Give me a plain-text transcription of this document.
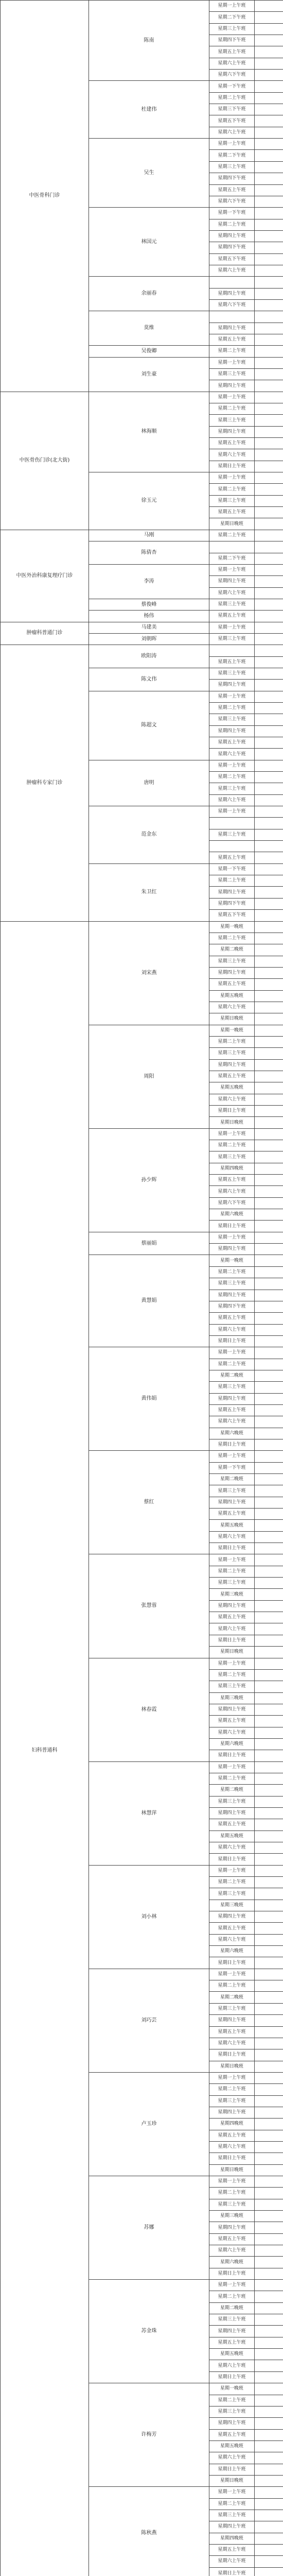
中医骨科门诊	陈南	星期一上午班	
		星期二下午班	
		星期三上午班	
		星期四下午班	
		星期五上午班	
		星期六上午班	
		星期六下午班	
	杜建伟	星期一下午班	
		星期二上午班	
		星期三下午班	
		星期五下午班	
		星期六上午班	
	吴生	星期一上午班	
		星期二下午班	
		星期三上午班	
		星期四下午班	
		星期五上午班	
		星期六下午班	
	林国元	星期一下午班	
		星期二上午班	
		星期四上午班	
		星期四下午班	
		星期五下午班	
		星期六上午班	
	余丽春		
		星期四上午班	
		星期六下午班	
	莫维		
		星期四上午班	
		星期五上午班	
	吴俊卿	星期二上午班	
	刘生豪	星期一上午班	
		星期三上午班	
		星期四上午班	
中医骨伤门诊(北大街)	林海顺	星期一上午班	
		星期二上午班	
		星期三上午班	
		星期四上午班	
		星期五上午班	
		星期六上午班	
		星期日上午班	
	徐玉元	星期一上午班	
		星期二上午班	
		星期三上午班	
		星期五上午班	
		星期日晚班	
中医外治科康复理疗门诊	马刚	星期二上午班	
	陈倩杏		
		星期二下午班	
	李涛	星期一上午班	
		星期四上午班	
		星期六上午班	
	蔡俊峰	星期三上午班	
	杨伟	星期五上午班	
肿瘤科普通门诊	马建美	星期一上午班	
	刘朝晖	星期三上午班	
肿瘤科专家门诊	欧阳涛		
		星期五上午班	
	陈文伟	星期三上午班	
		星期四上午班	
	陈超文	星期一上午班	
		星期二上午班	
		星期三上午班	
		星期四上午班	
		星期五上午班	
		星期六上午班	
	唐明	星期一上午班	
		星期二上午班	
		星期三上午班	
		星期六上午班	
	范金东	星期一上午班	

		星期三上午班	

		星期五上午班	
	朱卫红	星期一下午班	
		星期二上午班	
		星期四上午班	
		星期四下午班	
		星期五下午班	
妇科普通科	刘宋燕	星期一晚班	
		星期二上午班	
		星期二晚班	
		星期三上午班	
		星期四上午班	
		星期五上午班	
		星期五晚班	
		星期六上午班	
		星期日晚班	
	周阳	星期一晚班	
		星期二上午班	
		星期三上午班	
		星期四上午班	
		星期五上午班	
		星期五晚班	
		星期六上午班	
		星期日上午班	
		星期日晚班	
	孙少辉	星期一上午班	
		星期二上午班	
		星期三上午班	
		星期四晚班	
		星期五上午班	
		星期六上午班	
		星期六下午班	
		星期六晚班	
		星期日上午班	
	蔡丽娟	星期一上午班	
		星期四上午班	
	黄慧娟	星期一晚班	
		星期二上午班	
		星期三上午班	
		星期四上午班	
		星期四下午班	
		星期五上午班	
		星期六上午班	
		星期日上午班	
	黄伟娟	星期一上午班	
		星期二上午班	
		星期二晚班	
		星期三上午班	
		星期四上午班	
		星期五上午班	
		星期六上午班	
		星期六晚班	
		星期日上午班	
	蔡红	星期一上午班	
		星期一下午班	
		星期二晚班	
		星期三上午班	
		星期四上午班	
		星期五上午班	
		星期五晚班	
		星期六上午班	
		星期日上午班	
	张慧蓉	星期一上午班	
		星期二上午班	
		星期三上午班	
		星期三晚班	
		星期四上午班	
		星期五上午班	
		星期六上午班	
		星期日上午班	
		星期日晚班	
	林春霞	星期一上午班	
		星期二上午班	
		星期三上午班	
		星期三晚班	
		星期四上午班	
		星期五上午班	
		星期六上午班	
		星期六晚班	
		星期日上午班	
	林慧萍	星期一上午班	
		星期二上午班	
		星期二晚班	
		星期三上午班	
		星期四上午班	
		星期五上午班	
		星期五晚班	
		星期六上午班	
		星期日上午班	
	刘小林	星期一上午班	
		星期二上午班	
		星期三上午班	
		星期三晚班	
		星期四上午班	
		星期五上午班	
		星期六上午班	
		星期六晚班	
		星期日上午班	
	刘巧芸	星期一上午班	
		星期二上午班	
		星期二晚班	
		星期三上午班	
		星期四上午班	
		星期五上午班	
		星期六上午班	
		星期日上午班	
		星期日晚班	
	卢玉珍	星期一上午班	
		星期二上午班	
		星期三上午班	
		星期四上午班	
		星期四晚班	
		星期五上午班	
		星期六上午班	
		星期日上午班	
		星期日晚班	
	苏娜	星期一上午班	
		星期二上午班	
		星期三上午班	
		星期三晚班	
		星期四上午班	
		星期五上午班	
		星期六上午班	
		星期六晚班	
		星期日上午班	
	苏金珠	星期一上午班	
		星期二上午班	
		星期二晚班	
		星期三上午班	
		星期四上午班	
		星期五上午班	
		星期五晚班	
		星期六上午班	
		星期日上午班	
	许梅芳	星期一晚班	
		星期二上午班	
		星期三上午班	
		星期四上午班	
		星期五上午班	
		星期五晚班	
		星期六上午班	
		星期日上午班	
		星期日晚班	
	陈秋燕	星期一上午班	
		星期二上午班	
		星期三上午班	
		星期四上午班	
		星期四晚班	
		星期五上午班	
		星期六上午班	
		星期日上午班	
